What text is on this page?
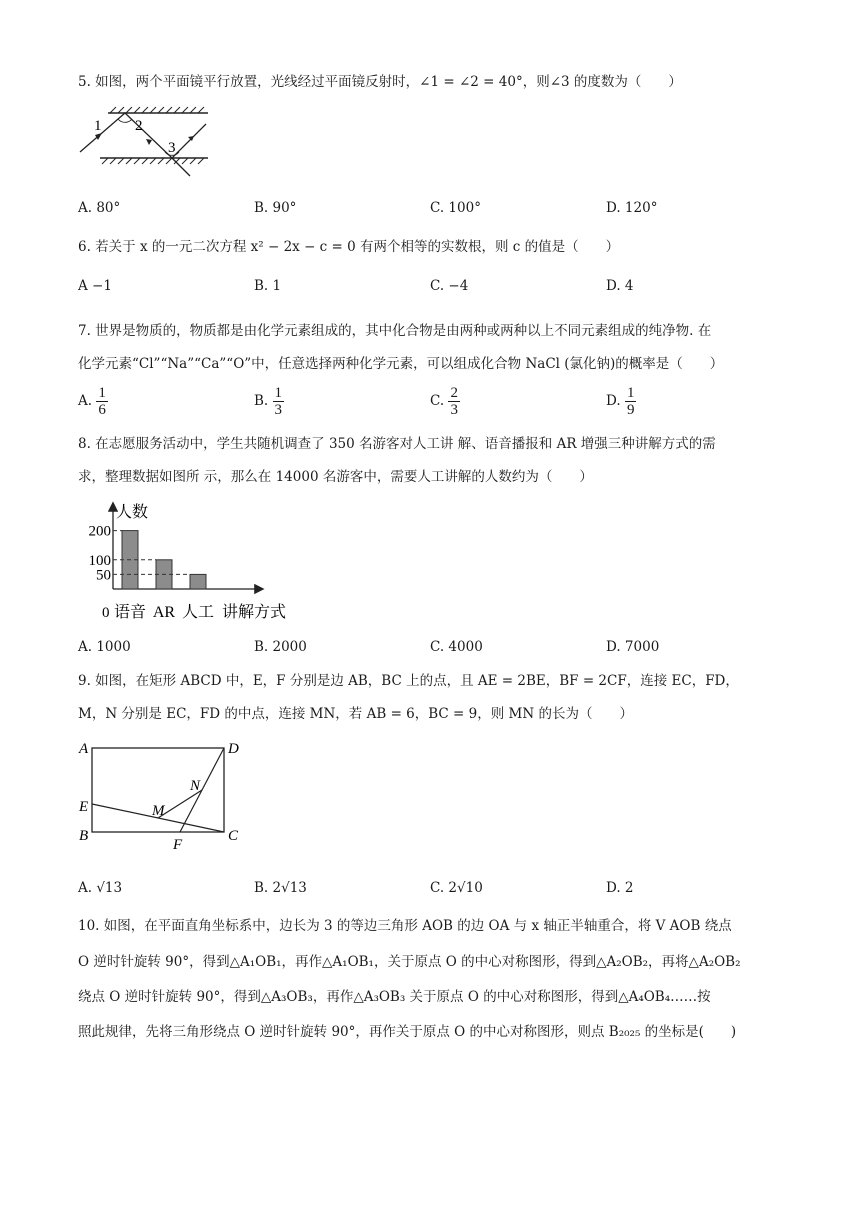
5. 如图，两个平面镜平行放置，光线经过平面镜反射时，∠1 = ∠2 = 40°，则∠3 的度数为（　　）
1 2
3
A. 80°	B. 90°	C. 100°	D. 120°
6. 若关于 x 的一元二次方程 x² − 2x − c = 0 有两个相等的实数根，则 c 的值是（　　）
A −1	B. 1	C. −4	D. 4
7. 世界是物质的，物质都是由化学元素组成的，其中化合物是由两种或两种以上不同元素组成的纯净物. 在
化学元素“Cl”“Na”“Ca”“O”中，任意选择两种化学元素，可以组成化合物 NaCl (氯化钠)的概率是（　　）
A. $\frac{1}{6}$	B. $\frac{1}{3}$	C. $\frac{2}{3}$	D. $\frac{1}{9}$
8. 在志愿服务活动中，学生共随机调查了 350 名游客对人工讲 解、语音播报和 AR 增强三种讲解方式的需
求，整理数据如图所 示，那么在 14000 名游客中，需要人工讲解的人数约为（　　）
200
语音
100
AR
50
人工
人数
0	讲解方式
A. 1000	B. 2000	C. 4000	D. 7000
9. 如图，在矩形 ABCD 中，E，F 分别是边 AB，BC 上的点，且 AE = 2BE，BF = 2CF，连接 EC，FD，
M，N 分别是 EC，FD 的中点，连接 MN，若 AB = 6，BC = 9，则 MN 的长为（　　）
A	D
E
B	C
F
M
N
A. √13	B. 2√13	C. 2√10	D. 2
10. 如图，在平面直角坐标系中，边长为 3 的等边三角形 AOB 的边 OA 与 x 轴正半轴重合，将 V AOB 绕点
O 逆时针旋转 90°，得到△A₁OB₁，再作△A₁OB₁，关于原点 O 的中心对称图形，得到△A₂OB₂，再将△A₂OB₂
绕点 O 逆时针旋转 90°，得到△A₃OB₃，再作△A₃OB₃ 关于原点 O 的中心对称图形，得到△A₄OB₄……按
照此规律，先将三角形绕点 O 逆时针旋转 90°，再作关于原点 O 的中心对称图形，则点 B₂₀₂₅ 的坐标是(　　)
